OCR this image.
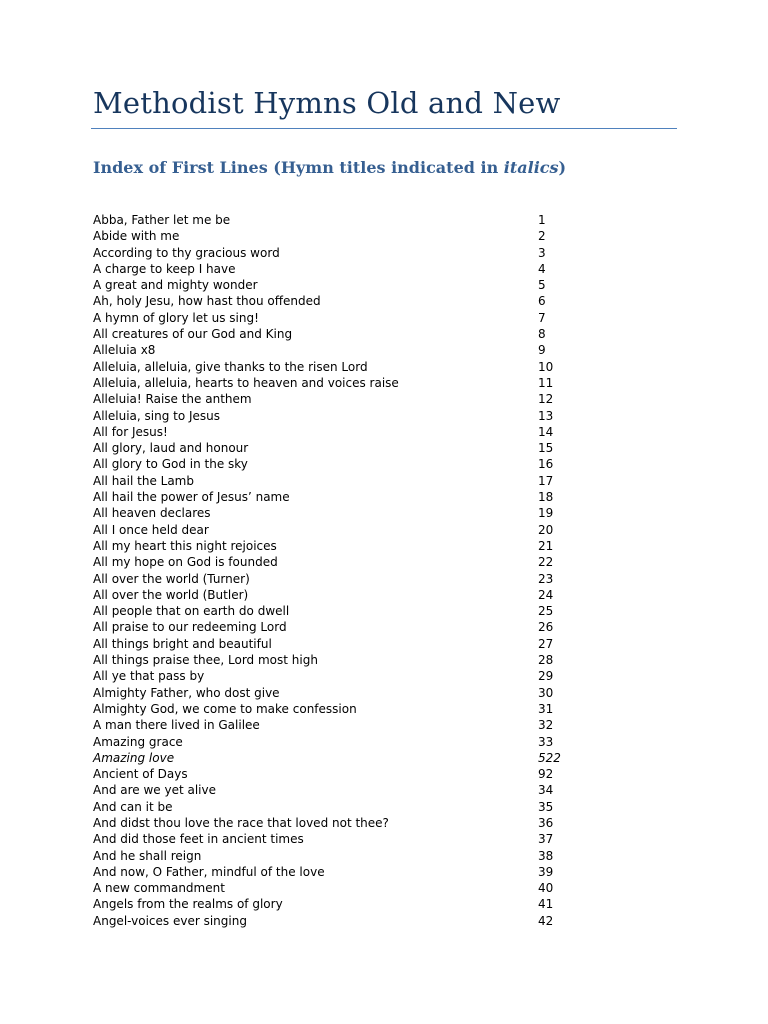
Methodist Hymns Old and New
Index of First Lines (Hymn titles indicated in italics)
Abba, Father let me be	1
Abide with me	2
According to thy gracious word	3
A charge to keep I have	4
A great and mighty wonder	5
Ah, holy Jesu, how hast thou offended	6
A hymn of glory let us sing!	7
All creatures of our God and King	8
Alleluia x8	9
Alleluia, alleluia, give thanks to the risen Lord	10
Alleluia, alleluia, hearts to heaven and voices raise	11
Alleluia! Raise the anthem	12
Alleluia, sing to Jesus	13
All for Jesus!	14
All glory, laud and honour	15
All glory to God in the sky	16
All hail the Lamb	17
All hail the power of Jesus’ name	18
All heaven declares	19
All I once held dear	20
All my heart this night rejoices	21
All my hope on God is founded	22
All over the world (Turner)	23
All over the world (Butler)	24
All people that on earth do dwell	25
All praise to our redeeming Lord	26
All things bright and beautiful	27
All things praise thee, Lord most high	28
All ye that pass by	29
Almighty Father, who dost give	30
Almighty God, we come to make confession	31
A man there lived in Galilee	32
Amazing grace	33
Amazing love	522
Ancient of Days	92
And are we yet alive	34
And can it be	35
And didst thou love the race that loved not thee?	36
And did those feet in ancient times	37
And he shall reign	38
And now, O Father, mindful of the love	39
A new commandment	40
Angels from the realms of glory	41
Angel-voices ever singing	42
